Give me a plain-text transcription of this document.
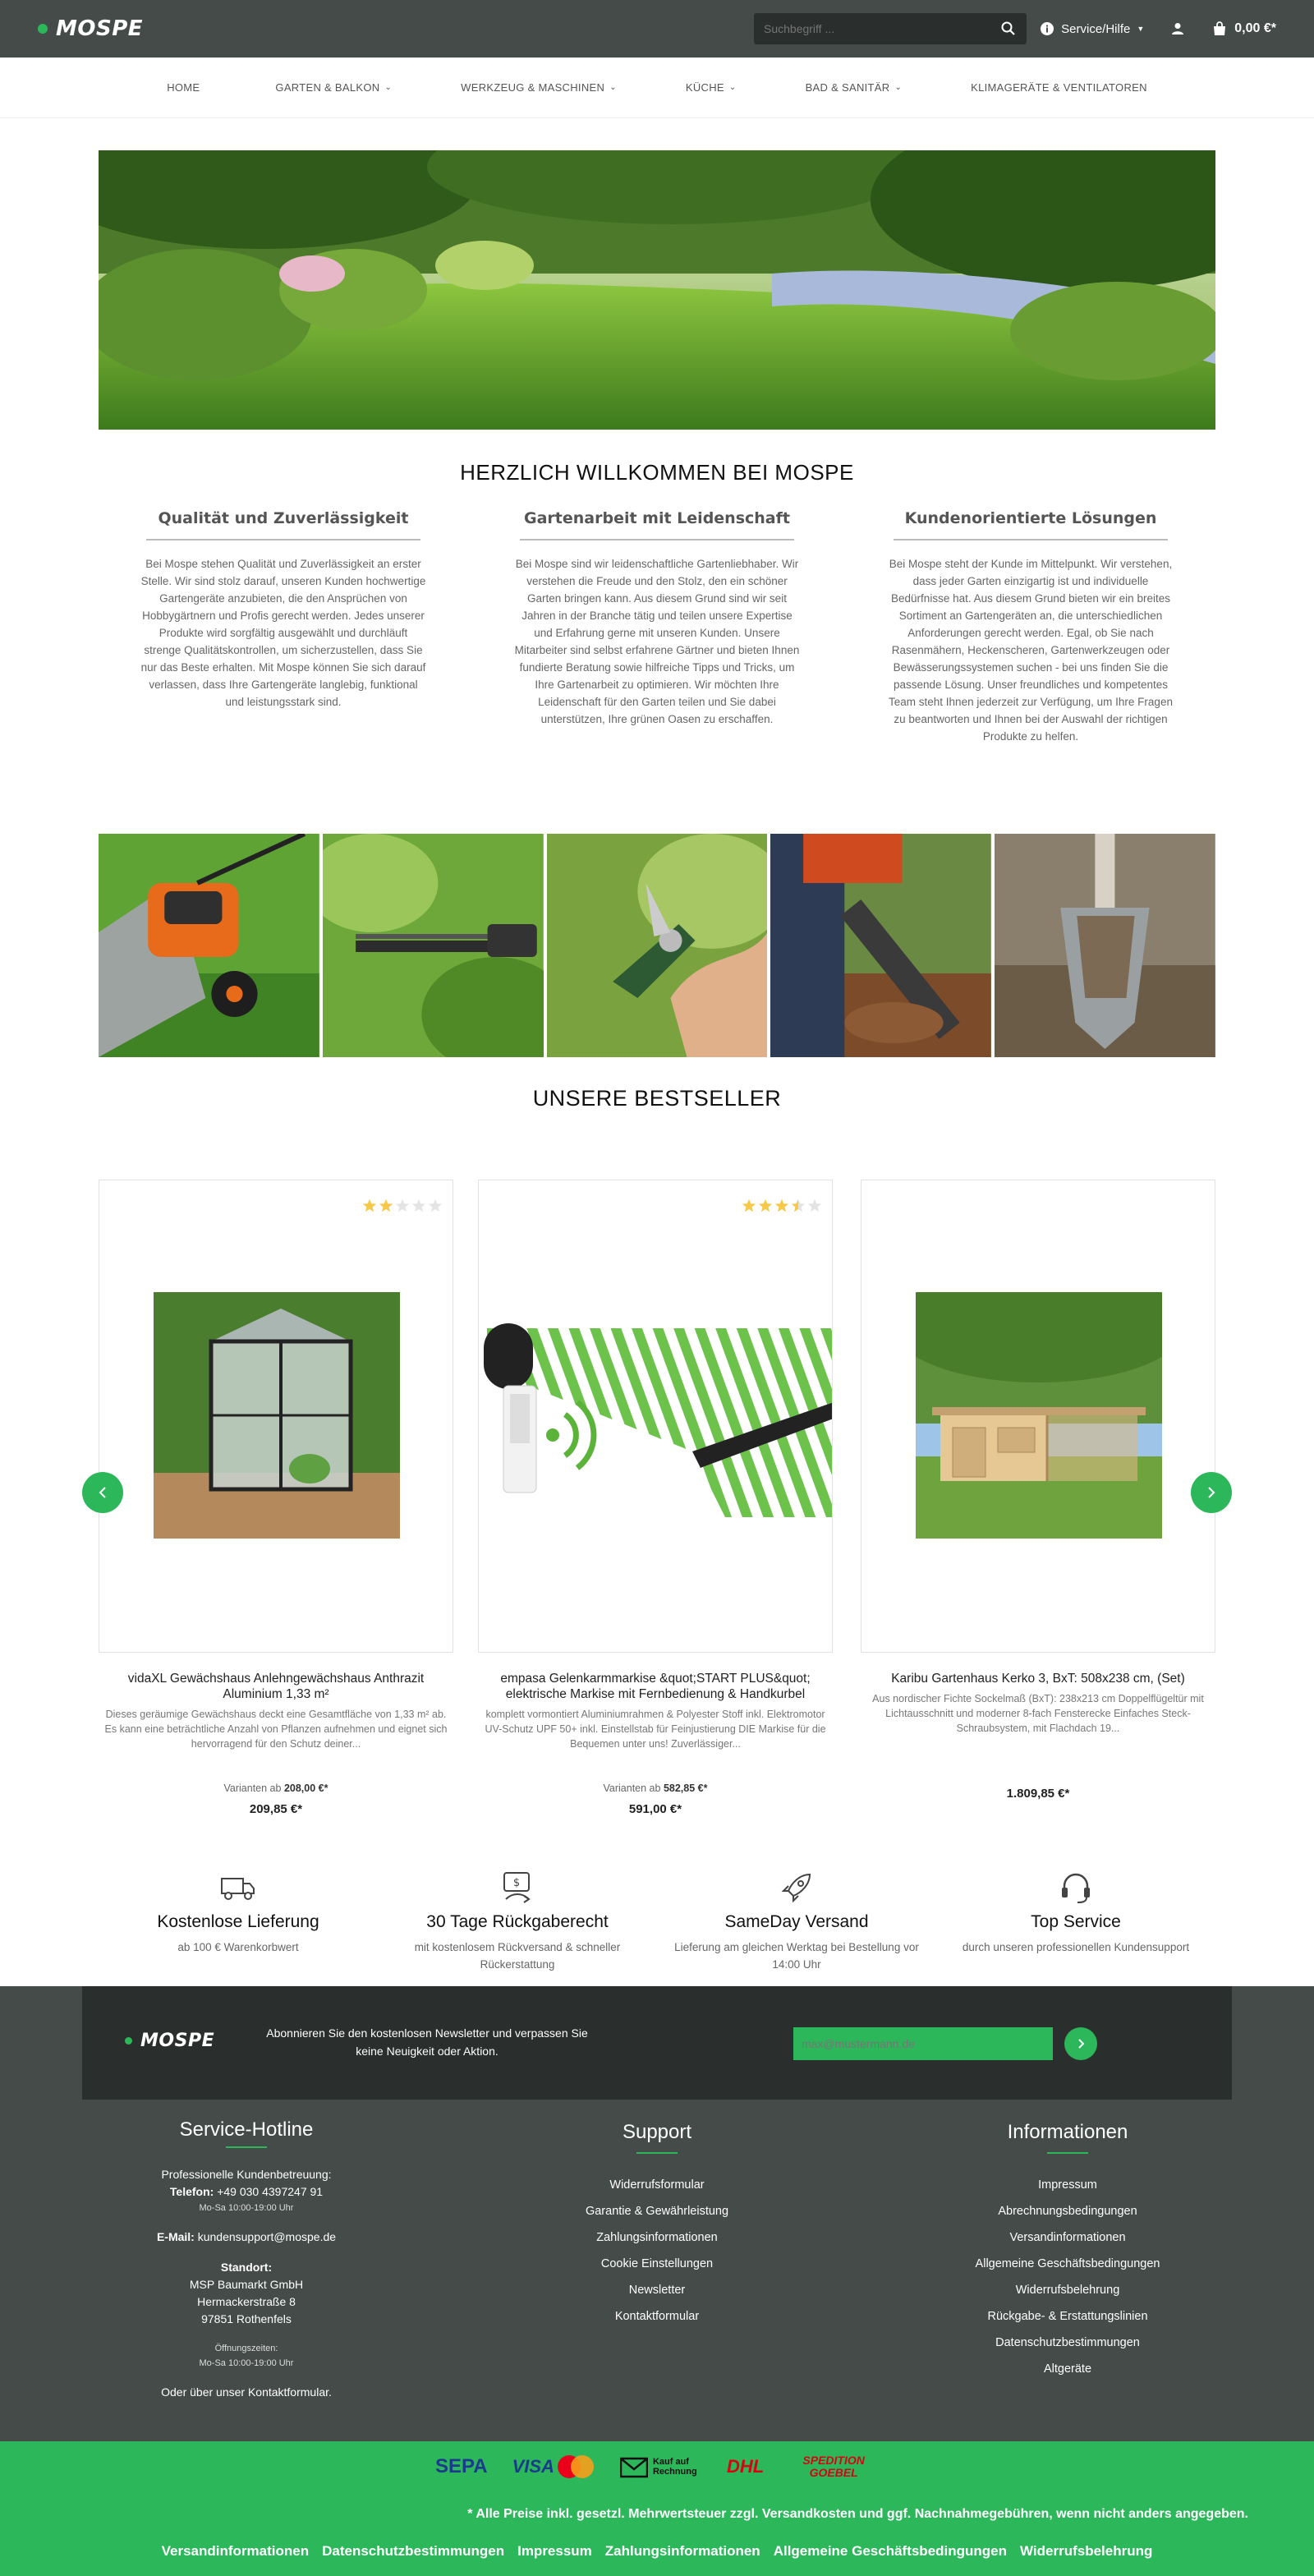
MOSPE
Suchbegriff ...	Service/Hilfe ▼	0,00 €*
HOME	GARTEN & BALKON ⌄	WERKZEUG & MASCHINEN ⌄	KÜCHE ⌄	BAD & SANITÄR ⌄	KLIMAGERÄTE & VENTILATOREN
HERZLICH WILLKOMMEN BEI MOSPE
Qualität und Zuverlässigkeit

Bei Mospe stehen Qualität und Zuverlässigkeit an erster Stelle. Wir sind stolz darauf, unseren Kunden hochwertige Gartengeräte anzubieten, die den Ansprüchen von Hobbygärtnern und Profis gerecht werden. Jedes unserer Produkte wird sorgfältig ausgewählt und durchläuft strenge Qualitätskontrollen, um sicherzustellen, dass Sie nur das Beste erhalten. Mit Mospe können Sie sich darauf verlassen, dass Ihre Gartengeräte langlebig, funktional und leistungsstark sind.

Gartenarbeit mit Leidenschaft

Bei Mospe sind wir leidenschaftliche Gartenliebhaber. Wir verstehen die Freude und den Stolz, den ein schöner Garten bringen kann. Aus diesem Grund sind wir seit Jahren in der Branche tätig und teilen unsere Expertise und Erfahrung gerne mit unseren Kunden. Unsere Mitarbeiter sind selbst erfahrene Gärtner und bieten Ihnen fundierte Beratung sowie hilfreiche Tipps und Tricks, um Ihre Gartenarbeit zu optimieren. Wir möchten Ihre Leidenschaft für den Garten teilen und Sie dabei unterstützen, Ihre grünen Oasen zu erschaffen.

Kundenorientierte Lösungen

Bei Mospe steht der Kunde im Mittelpunkt. Wir verstehen, dass jeder Garten einzigartig ist und individuelle Bedürfnisse hat. Aus diesem Grund bieten wir ein breites Sortiment an Gartengeräten an, die unterschiedlichen Anforderungen gerecht werden. Egal, ob Sie nach Rasenmähern, Heckenscheren, Gartenwerkzeugen oder Bewässerungssystemen suchen - bei uns finden Sie die passende Lösung. Unser freundliches und kompetentes Team steht Ihnen jederzeit zur Verfügung, um Ihre Fragen zu beantworten und Ihnen bei der Auswahl der richtigen Produkte zu helfen.

UNSERE BESTSELLER
vidaXL Gewächshaus Anlehngewächshaus Anthrazit Aluminium 1,33 m²
Dieses geräumige Gewächshaus deckt eine Gesamtfläche von 1,33 m² ab. Es kann eine beträchtliche Anzahl von Pflanzen aufnehmen und eignet sich hervorragend für den Schutz deiner...
Varianten ab 208,00 €*
209,85 €*
empasa Gelenkarmmarkise &quot;START PLUS&quot; elektrische Markise mit Fernbedienung & Handkurbel
komplett vormontiert Aluminiumrahmen & Polyester Stoff inkl. Elektromotor UV-Schutz UPF 50+ inkl. Einstellstab für Feinjustierung DIE Markise für die Bequemen unter uns! Zuverlässiger...
Varianten ab 582,85 €*
591,00 €*
Karibu Gartenhaus Kerko 3, BxT: 508x238 cm, (Set)
Aus nordischer Fichte Sockelmaß (BxT): 238x213 cm Doppelflügeltür mit Lichtausschnitt und moderner 8-fach Fensterecke Einfaches Steck- Schraubsystem, mit Flachdach 19...
1.809,85 €*
Kostenlose Lieferung

ab 100 € Warenkorbwert

$
30 Tage Rückgaberecht

mit kostenlosem Rückversand & schneller Rückerstattung

SameDay Versand

Lieferung am gleichen Werktag bei Bestellung vor 14:00 Uhr

Top Service

durch unseren professionellen Kundensupport

MOSPE	Abonnieren Sie den kostenlosen Newsletter und verpassen Sie keine Neuigkeit oder Aktion.
max@mustermann.de
Service-Hotline
Professionelle Kundenbetreuung:
Telefon: +49 030 4397247 91
Mo-Sa 10:00-19:00 Uhr
E-Mail: kundensupport@mospe.de
Standort:
MSP Baumarkt GmbH
Hermackerstraße 8
97851 Rothenfels
Öffnungszeiten:
Mo-Sa 10:00-19:00 Uhr
Oder über unser Kontaktformular.
Support
Widerrufsformular
Garantie & Gewährleistung
Zahlungsinformationen
Cookie Einstellungen
Newsletter
Kontaktformular
Informationen
Impressum
Abrechnungsbedingungen
Versandinformationen
Allgemeine Geschäftsbedingungen
Widerrufsbelehrung
Rückgabe- & Erstattungslinien
Datenschutzbestimmungen
Altgeräte
SEPA VISA	Kauf auf Rechnung DHL	SPEDITION GOEBEL
* Alle Preise inkl. gesetzl. Mehrwertsteuer zzgl. Versandkosten und ggf. Nachnahmegebühren, wenn nicht anders angegeben.
Versandinformationen Datenschutzbestimmungen Impressum Zahlungsinformationen Allgemeine Geschäftsbedingungen Widerrufsbelehrung
